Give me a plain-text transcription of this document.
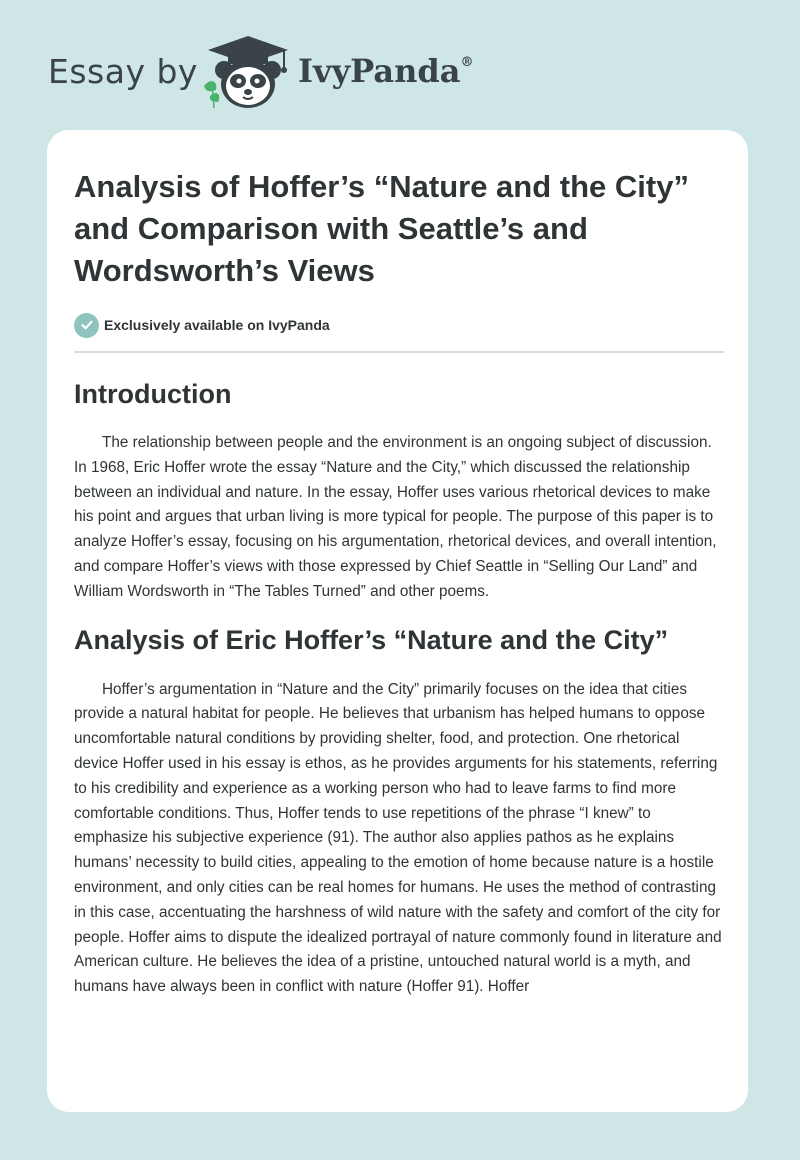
Essay by	IvyPanda®
Analysis of Hoffer’s “Nature and the City” and Comparison with Seattle’s and Wordsworth’s Views
Exclusively available on IvyPanda
Introduction

The relationship between people and the environment is an ongoing subject of discussion. In 1968, Eric Hoffer wrote the essay “Nature and the City,” which discussed the relationship between an individual and nature. In the essay, Hoffer uses various rhetorical devices to make his point and argues that urban living is more typical for people. The purpose of this paper is to analyze Hoffer’s essay, focusing on his argumentation, rhetorical devices, and overall intention, and compare Hoffer’s views with those expressed by Chief Seattle in “Selling Our Land” and William Wordsworth in “The Tables Turned” and other poems.

Analysis of Eric Hoffer’s “Nature and the City”

Hoffer’s argumentation in “Nature and the City” primarily focuses on the idea that cities provide a natural habitat for people. He believes that urbanism has helped humans to oppose uncomfortable natural conditions by providing shelter, food, and protection. One rhetorical device Hoffer used in his essay is ethos, as he provides arguments for his statements, referring to his credibility and experience as a working person who had to leave farms to find more comfortable conditions. Thus, Hoffer tends to use repetitions of the phrase “I knew” to emphasize his subjective experience (91). The author also applies pathos as he explains humans’ necessity to build cities, appealing to the emotion of home because nature is a hostile environment, and only cities can be real homes for humans. He uses the method of contrasting in this case, accentuating the harshness of wild nature with the safety and comfort of the city for people. Hoffer aims to dispute the idealized portrayal of nature commonly found in literature and American culture. He believes the idea of a pristine, untouched natural world is a myth, and humans have always been in conflict with nature (Hoffer 91). Hoffer
